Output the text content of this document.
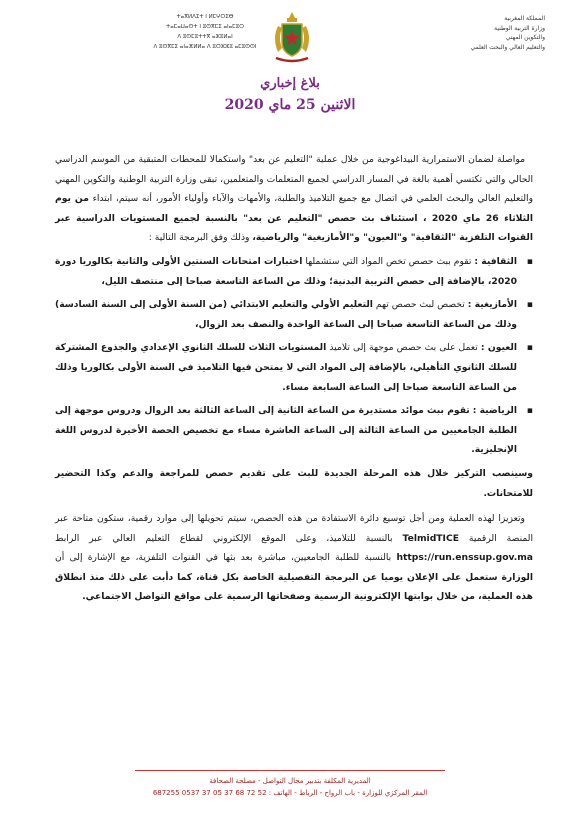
ⵜⴰⴳⵍⴷⵉⵜ ⵏ ⵍⵎⵖⵔⵉⴱ
ⵜⴰⵎⴰⵡⴰⵙⵜ ⵏ ⵓⵙⴳⵎⵉ ⴰⵏⴰⵎⵓⵔ
ⴷ ⵓⵙⵎⵓⵜⵜⴳ ⴰⵣⵓⵍⴰⵏ
ⴷ ⵓⵙⴳⵎⵉ ⴰⵏⴰⴼⵍⵍⴰ ⴷ ⵓⵔⵣⵣⵓ ⴰⵎⵓⵙⵙⵏ
المملكة المغربية
وزارة التربية الوطنية
والتكوين المهني
والتعليم العالي والبحث العلمي
بلاغ إخباري
الاثنين 25 ماي 2020

مواصلة لضمان الاستمرارية البيداغوجية من خلال عملية "التعليم عن بعد" واستكمالا للمحطات المتبقية من الموسم الدراسي الحالي والتي تكتسي أهمية بالغة في المسار الدراسي لجميع المتعلمات والمتعلمين، تبقى وزارة التربية الوطنية والتكوين المهني والتعليم العالي والبحث العلمي في اتصال مع جميع التلاميذ والطلبة، والأمهات والآباء وأولياء الأمور، أنه سيتم، ابتداء من يوم الثلاثاء 26 ماي 2020 ، استئناف بث حصص "التعليم عن بعد" بالنسبة لجميع المستويات الدراسية عبر القنوات التلفزية "الثقافية" و"العيون" و"الأمازيغية" والرياضية، وذلك وفق البرمجة التالية :

▪
الثقافية : تقوم ببث حصص تخص المواد التي ستشملها اختبارات امتحانات السنتين الأولى والثانية بكالوريا دورة 2020، بالإضافة إلى حصص التربية البدنية؛ وذلك من الساعة التاسعة صباحا إلى منتصف الليل،
▪
الأمازيغية : تخصص لبث حصص تهم التعليم الأولي والتعليم الابتدائي (من السنة الأولى إلى السنة السادسة) وذلك من الساعة التاسعة صباحا إلى الساعة الواحدة والنصف بعد الزوال،
▪
العيون : تعمل على بث حصص موجهة إلى تلاميذ المستويات الثلاث للسلك الثانوي الإعدادي والجذوع المشتركة للسلك الثانوي التأهيلي، بالإضافة إلى المواد التي لا يمتحن فيها التلاميذ في السنة الأولى بكالوريا وذلك من الساعة التاسعة صباحا إلى الساعة السابعة مساء.
▪
الرياضية : تقوم ببث موائد مستديرة من الساعة الثانية إلى الساعة الثالثة بعد الزوال ودروس موجهة إلى الطلبة الجامعيين من الساعة الثالثة إلى الساعة العاشرة مساء مع تخصيص الحصة الأخيرة لدروس اللغة الإنجليزية.

وسينصب التركيز خلال هذه المرحلة الجديدة للبث على تقديم حصص للمراجعة والدعم وكذا التحضير للامتحانات.

وتعزيزا لهذه العملية ومن أجل توسيع دائرة الاستفادة من هذه الحصص، سيتم تحويلها إلى موارد رقمية، ستكون متاحة عبر المنصة الرقمية TelmidTICE بالنسبة للتلاميذ، وعلى الموقع الإلكتروني لقطاع التعليم العالي عبر الرابط https://run.enssup.gov.ma بالنسبة للطلبة الجامعيين، مباشرة بعد بثها في القنوات التلفزية، مع الإشارة إلى أن الوزارة ستعمل على الإعلان يوميا عن البرمجة التفصيلية الخاصة بكل قناة، كما دأبت على ذلك منذ انطلاق هذه العملية، من خلال بوابتها الإلكترونية الرسمية وصفحاتها الرسمية على مواقع التواصل الاجتماعي.

المديرية المكلفة بتدبير مجال التواصل - مصلحة الصحافة
المقر المركزي للوزارة - باب الرواح - الرباط - الهاتف : 52 72 68 37 05 37 0537 687255
